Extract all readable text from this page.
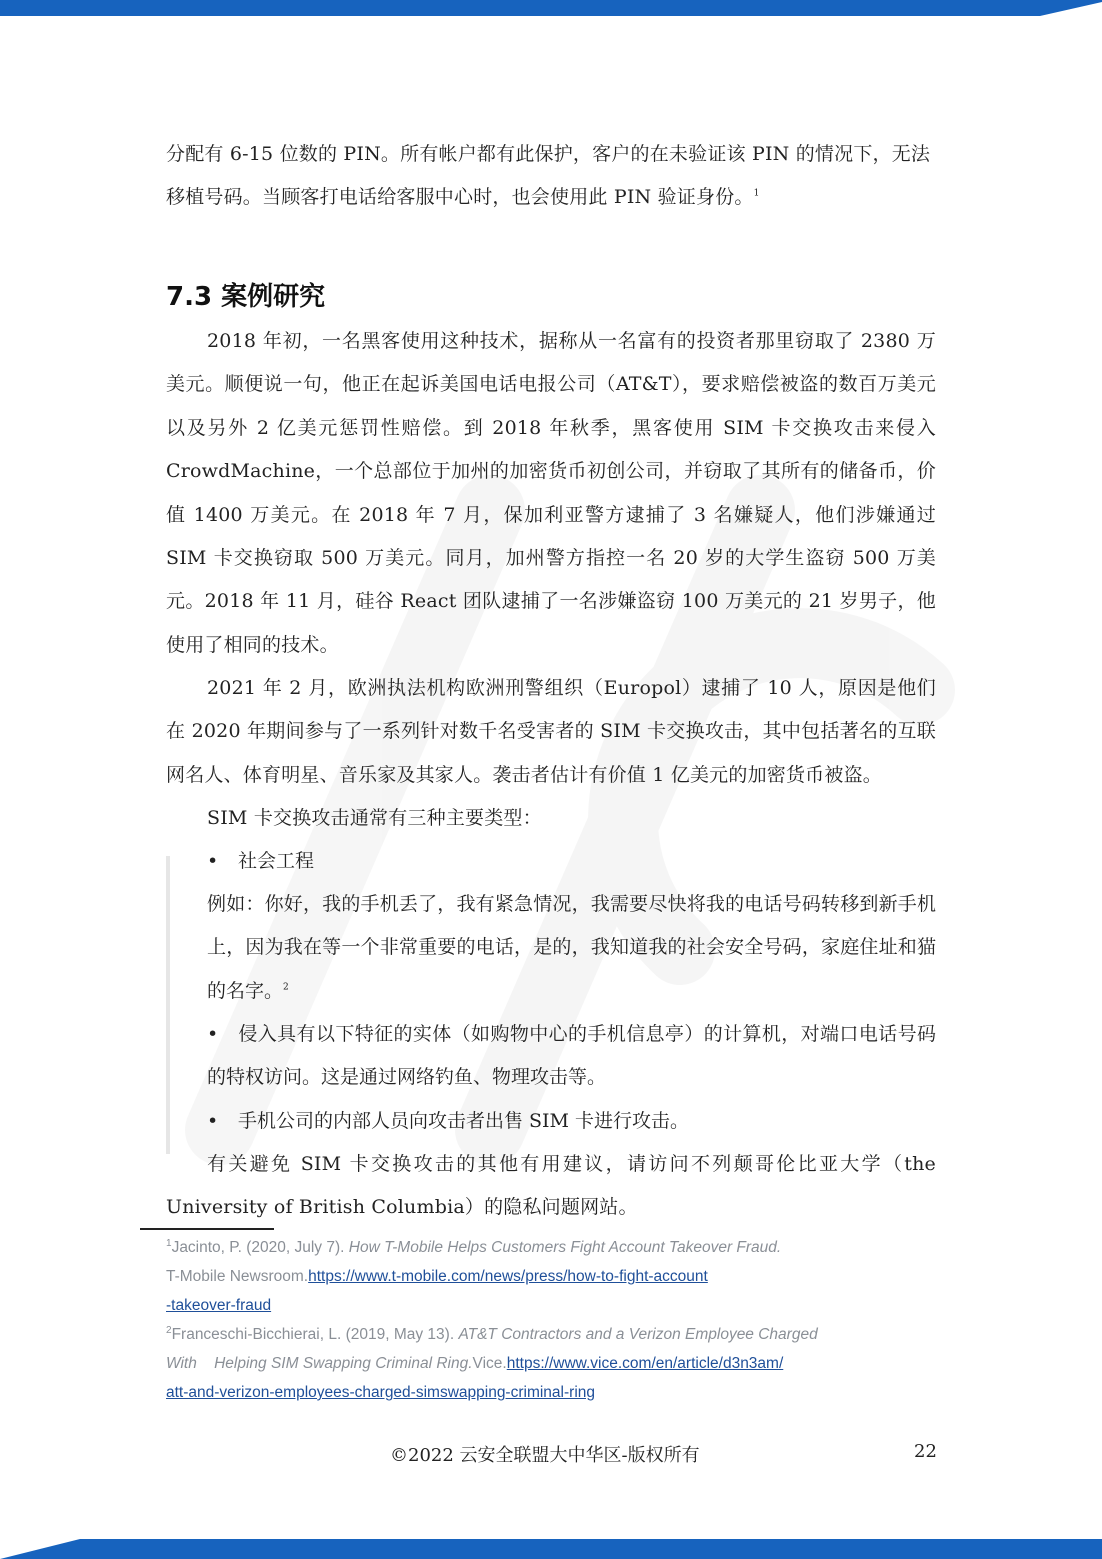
分配有 6-15 位数的 PIN。所有帐户都有此保护，客户的在未验证该 PIN 的情况下，无法
移植号码。当顾客打电话给客服中心时，也会使用此 PIN 验证身份。$^1$

7.3 案例研究

2018 年初，一名黑客使用这种技术，据称从一名富有的投资者那里窃取了 2380 万美元。顺便说一句，他正在起诉美国电话电报公司（AT&T），要求赔偿被盗的数百万美元以及另外 2 亿美元惩罚性赔偿。到 2018 年秋季，黑客使用 SIM 卡交换攻击来侵入 CrowdMachine，一个总部位于加州的加密货币初创公司，并窃取了其所有的储备币，价值 1400 万美元。在 2018 年 7 月，保加利亚警方逮捕了 3 名嫌疑人，他们涉嫌通过 SIM 卡交换窃取 500 万美元。同月，加州警方指控一名 20 岁的大学生盗窃 500 万美元。2018 年 11 月，硅谷 React 团队逮捕了一名涉嫌盗窃 100 万美元的 21 岁男子，他使用了相同的技术。

2021 年 2 月，欧洲执法机构欧洲刑警组织（Europol）逮捕了 10 人，原因是他们在 2020 年期间参与了一系列针对数千名受害者的 SIM 卡交换攻击，其中包括著名的互联网名人、体育明星、音乐家及其家人。袭击者估计有价值 1 亿美元的加密货币被盗。

SIM 卡交换攻击通常有三种主要类型：

• 社会工程

例如：你好，我的手机丢了，我有紧急情况，我需要尽快将我的电话号码转移到新手机上，因为我在等一个非常重要的电话，是的，我知道我的社会安全号码，家庭住址和猫的名字。$^2$

• 侵入具有以下特征的实体（如购物中心的手机信息亭）的计算机，对端口电话号码的特权访问。这是通过网络钓鱼、物理攻击等。

• 手机公司的内部人员向攻击者出售 SIM 卡进行攻击。

有关避免 SIM 卡交换攻击的其他有用建议，请访问不列颠哥伦比亚大学（the University of British Columbia）的隐私问题网站。

$^1$Jacinto, P. (2020, July 7). How T-Mobile Helps Customers Fight Account Takeover Fraud.
T-Mobile Newsroom.https://www.t-mobile.com/news/press/how-to-fight-account
-takeover-fraud

$^2$Franceschi-Bicchierai, L. (2019, May 13). AT&T Contractors and a Verizon Employee Charged
With    Helping SIM Swapping Criminal Ring.Vice.https://www.vice.com/en/article/d3n3am/
att-and-verizon-employees-charged-simswapping-criminal-ring

©2022 云安全联盟大中华区-版权所有	22
